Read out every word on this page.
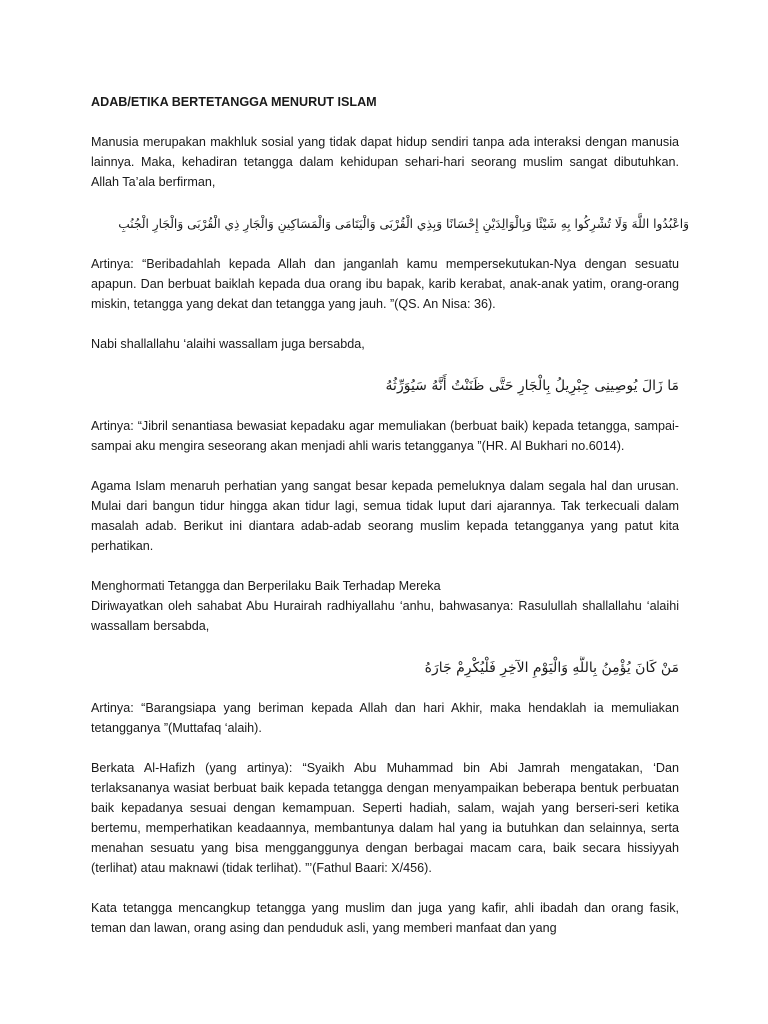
ADAB/ETIKA BERTETANGGA MENURUT ISLAM

Manusia merupakan makhluk sosial yang tidak dapat hidup sendiri tanpa ada interaksi dengan manusia lainnya. Maka, kehadiran tetangga dalam kehidupan sehari-hari seorang muslim sangat dibutuhkan. Allah Ta’ala berfirman,

وَاعْبُدُوا اللَّهَ وَلَا تُشْرِكُوا بِهِ شَيْئًا وَبِالْوَالِدَيْنِ إِحْسَانًا وَبِذِي الْقُرْبَى وَالْيَتَامَى وَالْمَسَاكِينِ وَالْجَارِ ذِي الْقُرْبَى وَالْجَارِ الْجُنُبِ

Artinya: “Beribadahlah kepada Allah dan janganlah kamu mempersekutukan-Nya dengan sesuatu apapun. Dan berbuat baiklah kepada dua orang ibu bapak, karib kerabat, anak-anak yatim, orang-orang miskin, tetangga yang dekat dan tetangga yang jauh. ”(QS. An Nisa: 36).

Nabi shallallahu ‘alaihi wassallam juga bersabda,

مَا زَالَ يُوصِينِى جِبْرِيلُ بِالْجَارِ حَتَّى ظَنَنْتُ أَنَّهُ سَيُوَرِّثُهُ

Artinya: “Jibril senantiasa bewasiat kepadaku agar memuliakan (berbuat baik) kepada tetangga, sampai-sampai aku mengira seseorang akan menjadi ahli waris tetangganya ”(HR. Al Bukhari no.6014).

Agama Islam menaruh perhatian yang sangat besar kepada pemeluknya dalam segala hal dan urusan. Mulai dari bangun tidur hingga akan tidur lagi, semua tidak luput dari ajarannya. Tak terkecuali dalam masalah adab. Berikut ini diantara adab-adab seorang muslim kepada tetangganya yang patut kita perhatikan.

Menghormati Tetangga dan Berperilaku Baik Terhadap Mereka

Diriwayatkan oleh sahabat Abu Hurairah radhiyallahu ‘anhu, bahwasanya: Rasulullah shallallahu ‘alaihi wassallam bersabda,

مَنْ كَانَ يُؤْمِنُ بِاللَّهِ وَالْيَوْمِ الآخِرِ فَلْيُكْرِمْ جَارَهُ

Artinya: “Barangsiapa yang beriman kepada Allah dan hari Akhir, maka hendaklah ia memuliakan tetangganya ”(Muttafaq ‘alaih).

Berkata Al-Hafizh (yang artinya): “Syaikh Abu Muhammad bin Abi Jamrah mengatakan, ‘Dan terlaksananya wasiat berbuat baik kepada tetangga dengan menyampaikan beberapa bentuk perbuatan baik kepadanya sesuai dengan kemampuan. Seperti hadiah, salam, wajah yang berseri-seri ketika bertemu, memperhatikan keadaannya, membantunya dalam hal yang ia butuhkan dan selainnya, serta menahan sesuatu yang bisa mengganggunya dengan berbagai macam cara, baik secara hissiyyah (terlihat) atau maknawi (tidak terlihat). ”’(Fathul Baari: X/456).

Kata tetangga mencangkup tetangga yang muslim dan juga yang kafir, ahli ibadah dan orang fasik, teman dan lawan, orang asing dan penduduk asli, yang memberi manfaat dan yang
